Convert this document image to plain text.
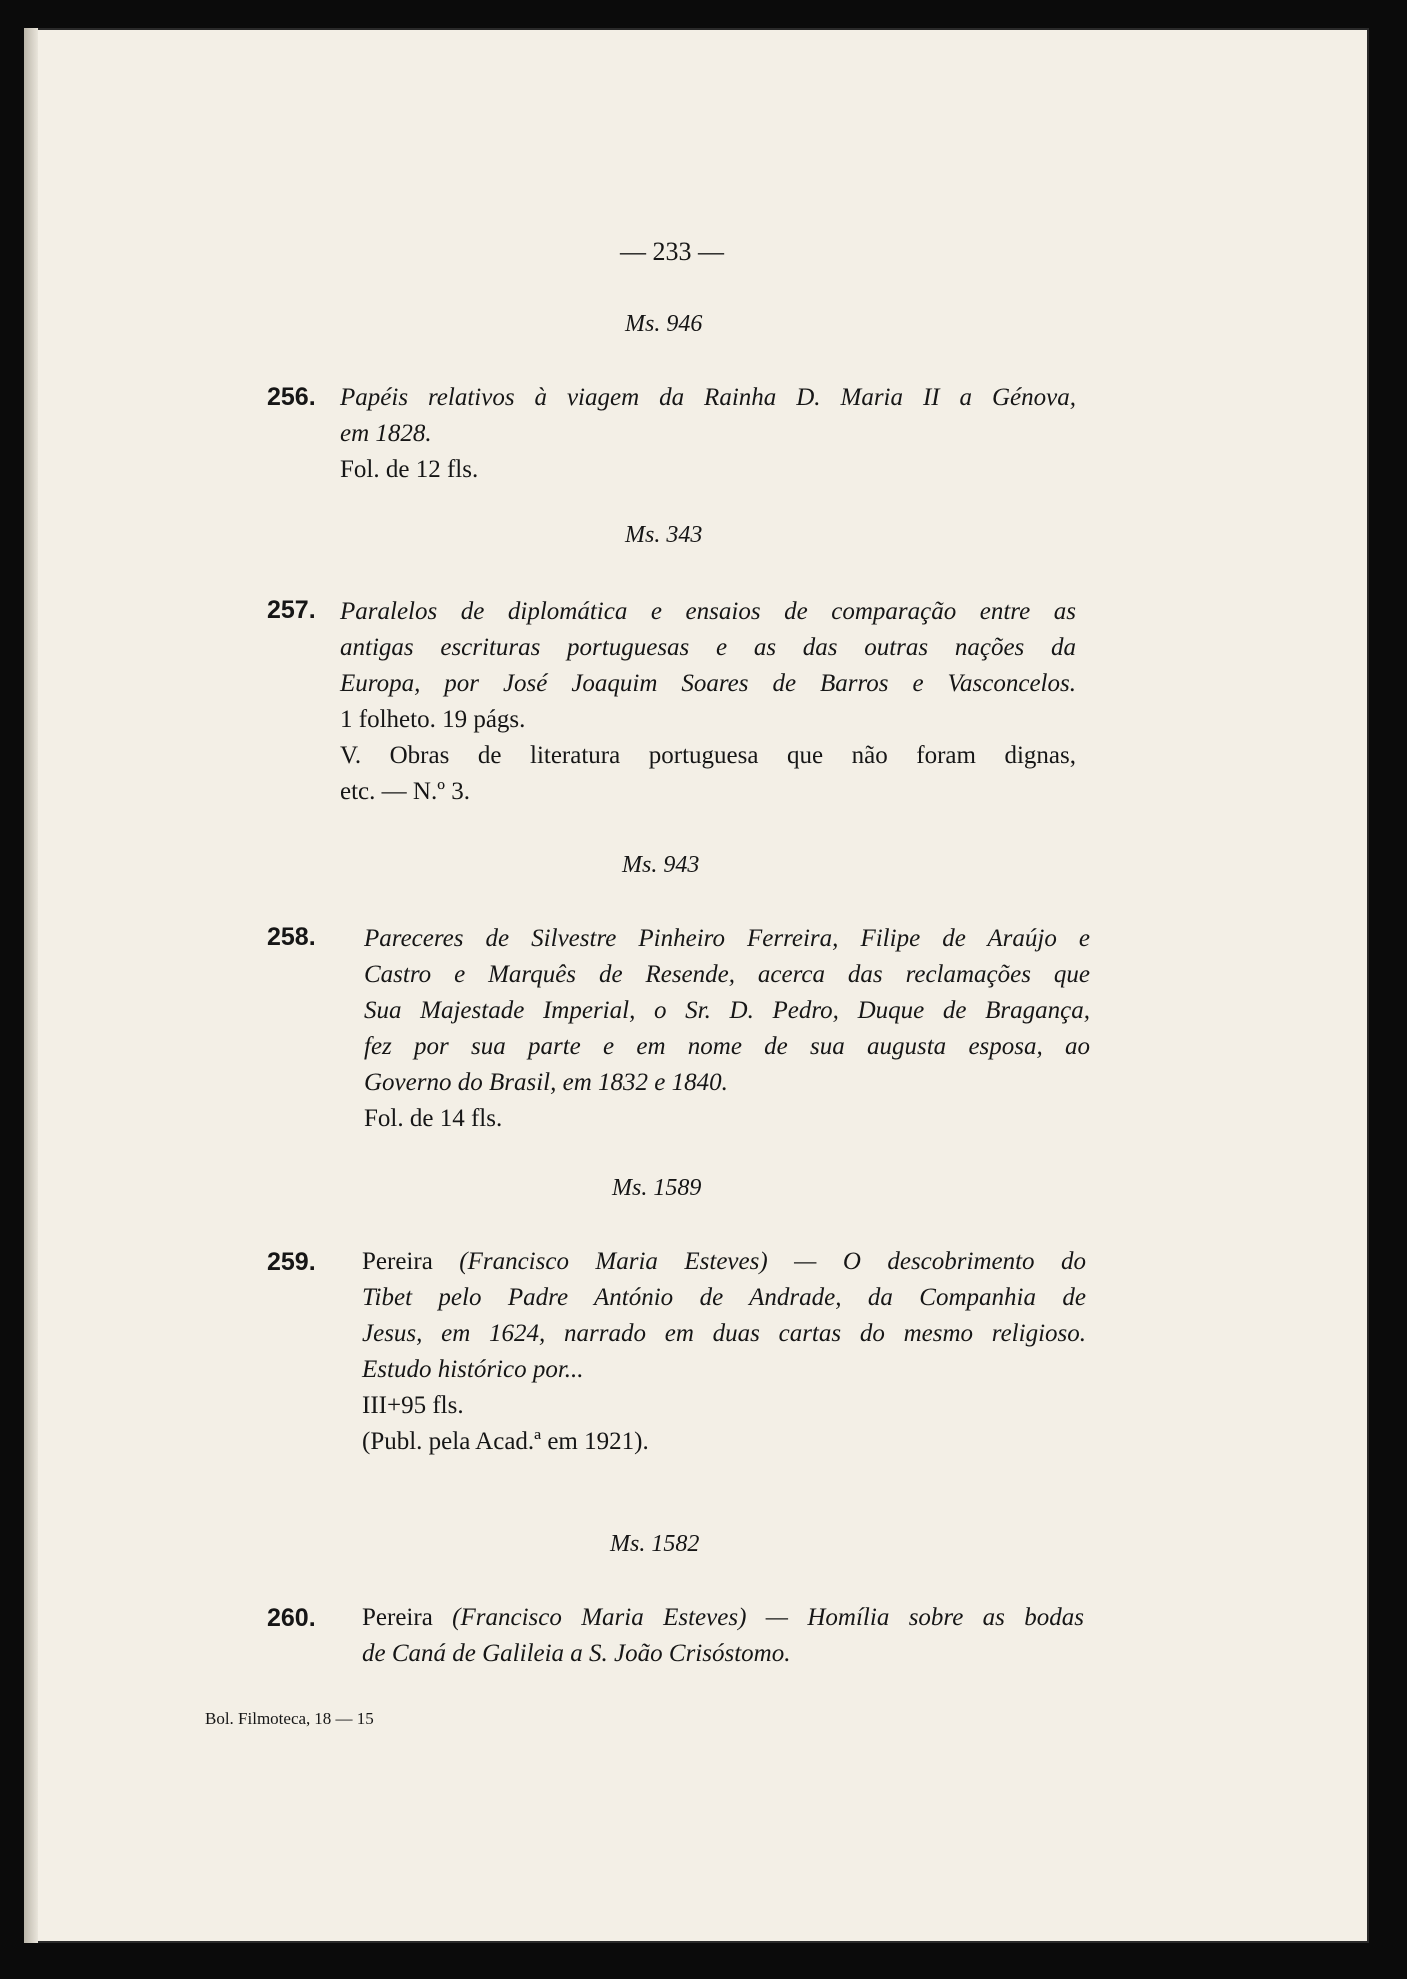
— 233 —
Ms. 946
256. Papéis relativos à viagem da Rainha D. Maria II a Génova,
em 1828.
Fol. de 12 fls.
Ms. 343
257. Paralelos de diplomática e ensaios de comparação entre as
antigas escrituras portuguesas e as das outras nações da
Europa, por José Joaquim Soares de Barros e Vasconcelos.
1 folheto. 19 págs.
V. Obras de literatura portuguesa que não foram dignas,
etc. — N.º 3.
Ms. 943
258. Pareceres de Silvestre Pinheiro Ferreira, Filipe de Araújo e
Castro e Marquês de Resende, acerca das reclamações que
Sua Majestade Imperial, o Sr. D. Pedro, Duque de Bragança,
fez por sua parte e em nome de sua augusta esposa, ao
Governo do Brasil, em 1832 e 1840.
Fol. de 14 fls.
Ms. 1589
259. Pereira (Francisco Maria Esteves) — O descobrimento do
Tibet pelo Padre António de Andrade, da Companhia de
Jesus, em 1624, narrado em duas cartas do mesmo religioso.
Estudo histórico por...
III+95 fls.
(Publ. pela Acad.ª em 1921).
Ms. 1582
260. Pereira (Francisco Maria Esteves) — Homília sobre as bodas
de Caná de Galileia a S. João Crisóstomo.
Bol. Filmoteca, 18 — 15
